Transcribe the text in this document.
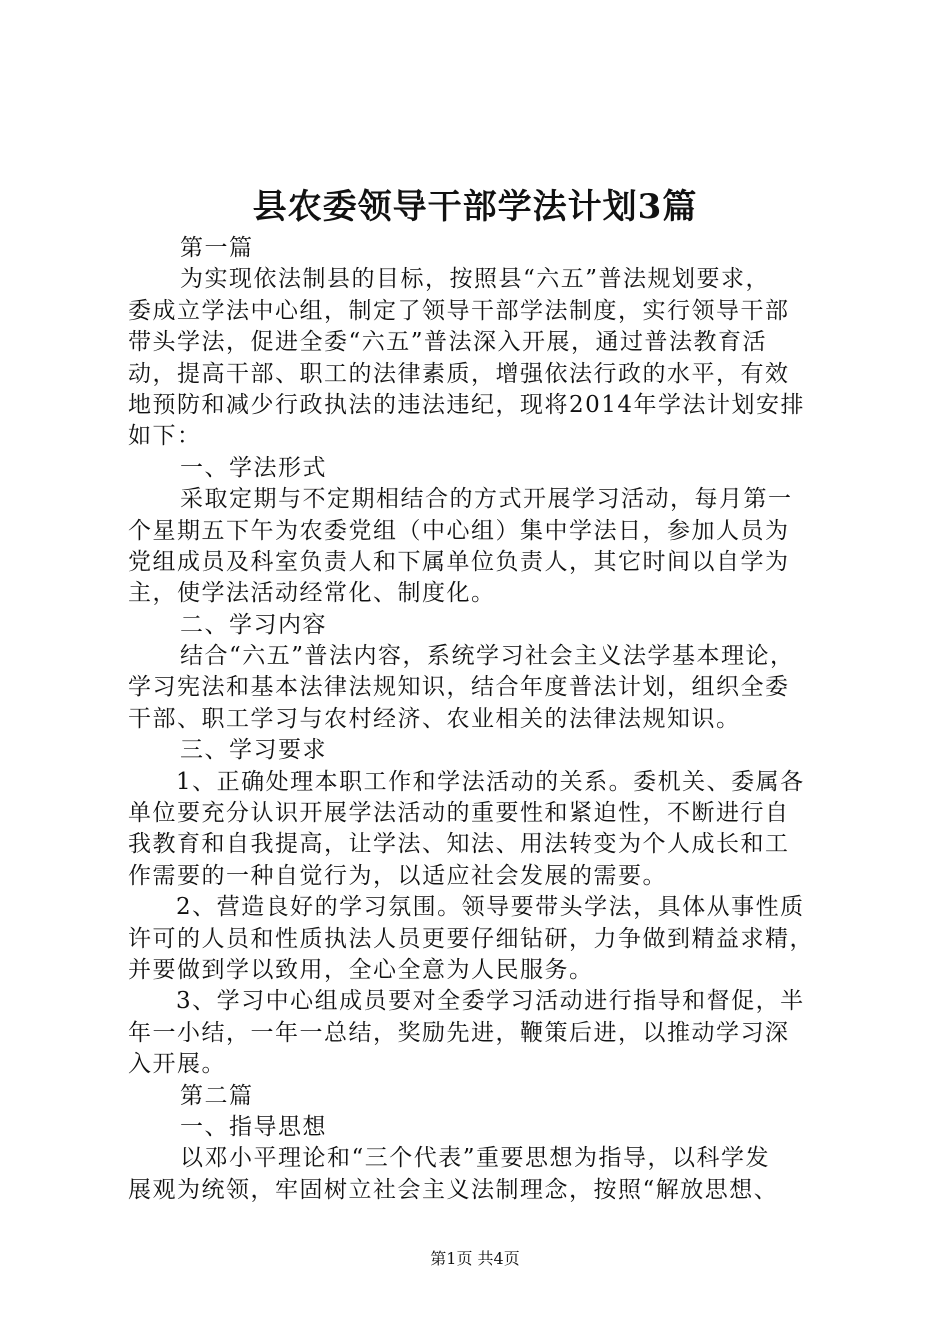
县农委领导干部学法计划3篇
第一篇
为实现依法制县的目标，按照县“六五”普法规划要求，
委成立学法中心组，制定了领导干部学法制度，实行领导干部
带头学法，促进全委“六五”普法深入开展，通过普法教育活
动，提高干部、职工的法律素质，增强依法行政的水平，有效
地预防和减少行政执法的违法违纪，现将2014年学法计划安排
如下：
一、学法形式
采取定期与不定期相结合的方式开展学习活动，每月第一
个星期五下午为农委党组（中心组）集中学法日，参加人员为
党组成员及科室负责人和下属单位负责人，其它时间以自学为
主，使学法活动经常化、制度化。
二、学习内容
结合“六五”普法内容，系统学习社会主义法学基本理论，
学习宪法和基本法律法规知识，结合年度普法计划，组织全委
干部、职工学习与农村经济、农业相关的法律法规知识。
三、学习要求
1、正确处理本职工作和学法活动的关系。委机关、委属各
单位要充分认识开展学法活动的重要性和紧迫性，不断进行自
我教育和自我提高，让学法、知法、用法转变为个人成长和工
作需要的一种自觉行为，以适应社会发展的需要。
2、营造良好的学习氛围。领导要带头学法，具体从事性质
许可的人员和性质执法人员更要仔细钻研，力争做到精益求精，
并要做到学以致用，全心全意为人民服务。
3、学习中心组成员要对全委学习活动进行指导和督促，半
年一小结，一年一总结，奖励先进，鞭策后进，以推动学习深
入开展。
第二篇
一、指导思想
以邓小平理论和“三个代表”重要思想为指导，以科学发
展观为统领，牢固树立社会主义法制理念，按照“解放思想、
第1页 共4页
